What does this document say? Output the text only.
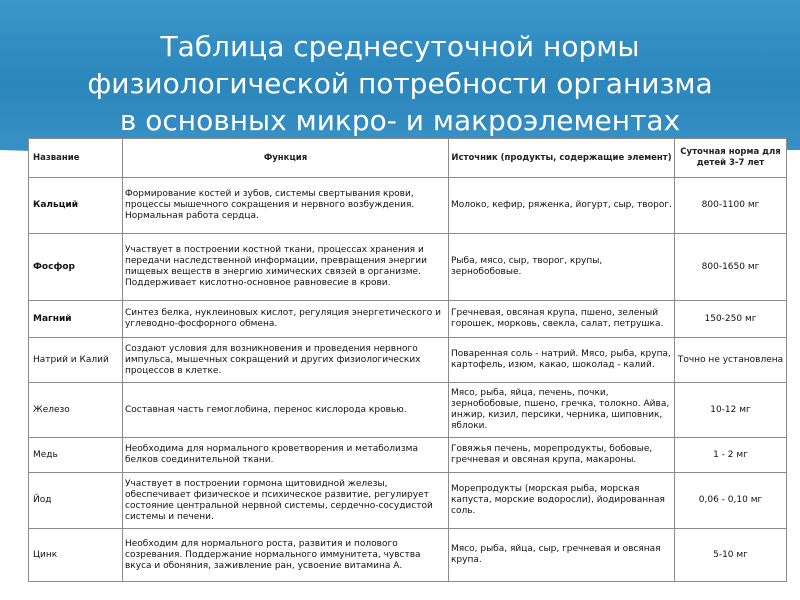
Таблица среднесуточной нормы
физиологической потребности организма
в основных микро- и макроэлементах
Название	Функция	Источник (продукты, содержащие элемент)	Суточная норма для детей 3-7 лет
Кальций	Формирование костей и зубов, системы свертывания крови, процессы мышечного сокращения и нервного возбуждения. Нормальная работа сердца.	Молоко, кефир, ряженка, йогурт, сыр, творог.	800-1100 мг
Фосфор	Участвует в построении костной ткани, процессах хранения и передачи наследственной информации, превращения энергии пищевых веществ в энергию химических связей в организме. Поддерживает кислотно-основное равновесие в крови.	Рыба, мясо, сыр, творог, крупы, зернобобовые.	800-1650 мг
Магний	Синтез белка, нуклеиновых кислот, регуляция энергетического и углеводно-фосфорного обмена.	Гречневая, овсяная крупа, пшено, зеленый горошек, морковь, свекла, салат, петрушка.	150-250 мг
Натрий и Калий	Создают условия для возникновения и проведения нервного импульса, мышечных сокращений и других физиологических процессов в клетке.	Поваренная соль - натрий. Мясо, рыба, крупа, картофель, изюм, какао, шоколад - калий.	Точно не установлена
Железо	Составная часть гемоглобина, перенос кислорода кровью.	Мясо, рыба, яйца, печень, почки, зернобобовые, пшено, гречка, толокно. Айва, инжир, кизил, персики, черника, шиповник, яблоки.	10-12 мг
Медь	Необходима для нормального кроветворения и метаболизма белков соединительной ткани.	Говяжья печень, морепродукты, бобовые, гречневая и овсяная крупа, макароны.	1 - 2 мг
Йод	Участвует в построении гормона щитовидной железы, обеспечивает физическое и психическое развитие, регулирует состояние центральной нервной системы, сердечно-сосудистой системы и печени.	Морепродукты (морская рыба, морская капуста, морские водоросли), йодированная соль.	0,06 - 0,10 мг
Цинк	Необходим для нормального роста, развития и полового созревания. Поддержание нормального иммунитета, чувства вкуса и обоняния, заживление ран, усвоение витамина А.	Мясо, рыба, яйца, сыр, гречневая и овсяная крупа.	5-10 мг
